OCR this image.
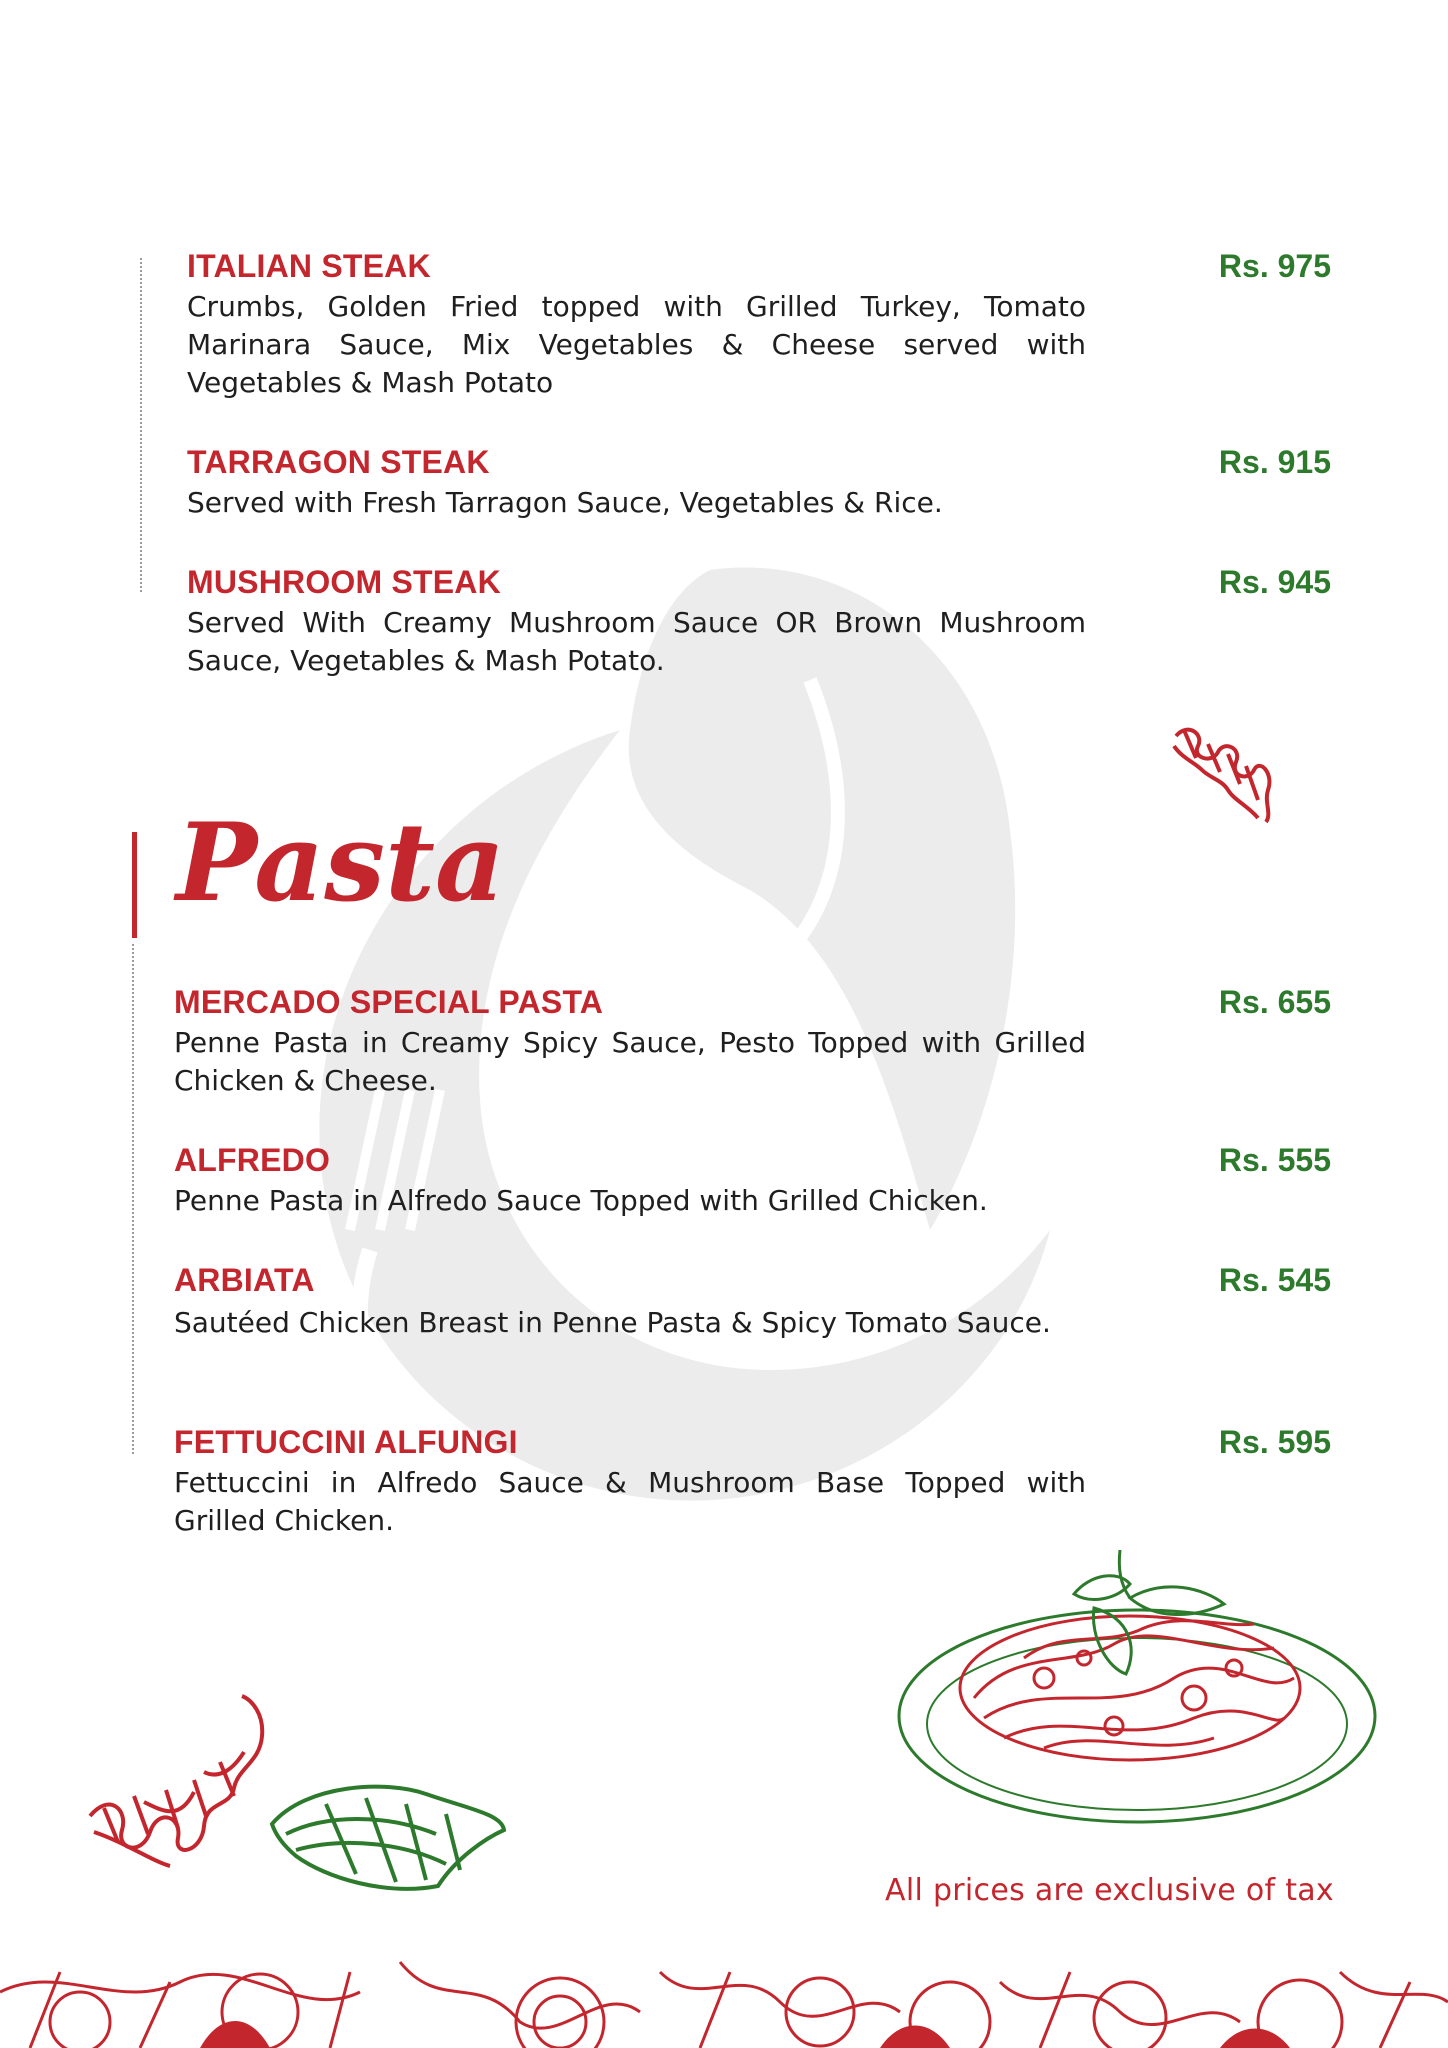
ITALIAN STEAK	Rs. 975
Crumbs, Golden Fried topped with Grilled Turkey, Tomato Marinara Sauce, Mix Vegetables & Cheese served with Vegetables & Mash Potato
TARRAGON STEAK	Rs. 915
Served with Fresh Tarragon Sauce, Vegetables & Rice.
MUSHROOM STEAK	Rs. 945
Served With Creamy Mushroom Sauce OR Brown Mushroom Sauce, Vegetables & Mash Potato.
Pasta
MERCADO SPECIAL PASTA	Rs. 655
Penne Pasta in Creamy Spicy Sauce, Pesto Topped with Grilled Chicken & Cheese.
ALFREDO	Rs. 555
Penne Pasta in Alfredo Sauce Topped with Grilled Chicken.
ARBIATA	Rs. 545
Sautéed Chicken Breast in Penne Pasta & Spicy Tomato Sauce.
FETTUCCINI ALFUNGI	Rs. 595
Fettuccini in Alfredo Sauce & Mushroom Base Topped with Grilled Chicken.
All prices are exclusive of tax
